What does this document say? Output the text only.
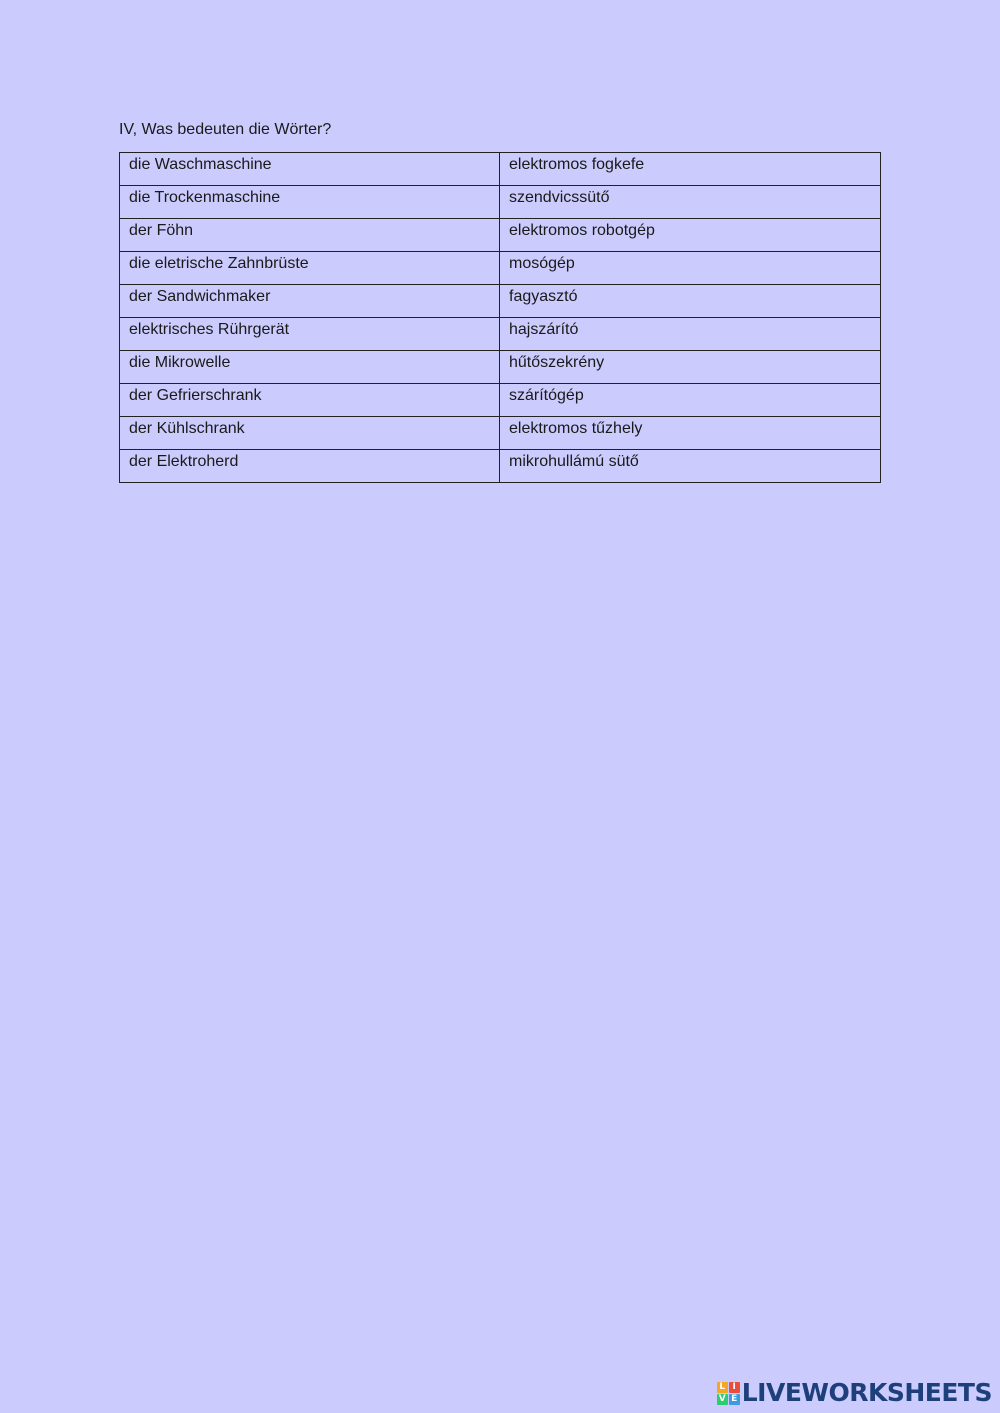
IV, Was bedeuten die Wörter?
die Waschmaschine	elektromos fogkefe
die Trockenmaschine	szendvicssütő
der Föhn	elektromos robotgép
die eletrische Zahnbrüste	mosógép
der Sandwichmaker	fagyasztó
elektrisches Rührgerät	hajszárító
die Mikrowelle	hűtőszekrény
der Gefrierschrank	szárítógép
der Kühlschrank	elektromos tűzhely
der Elektroherd	mikrohullámú sütő
L I
V E LIVEWORKSHEETS
